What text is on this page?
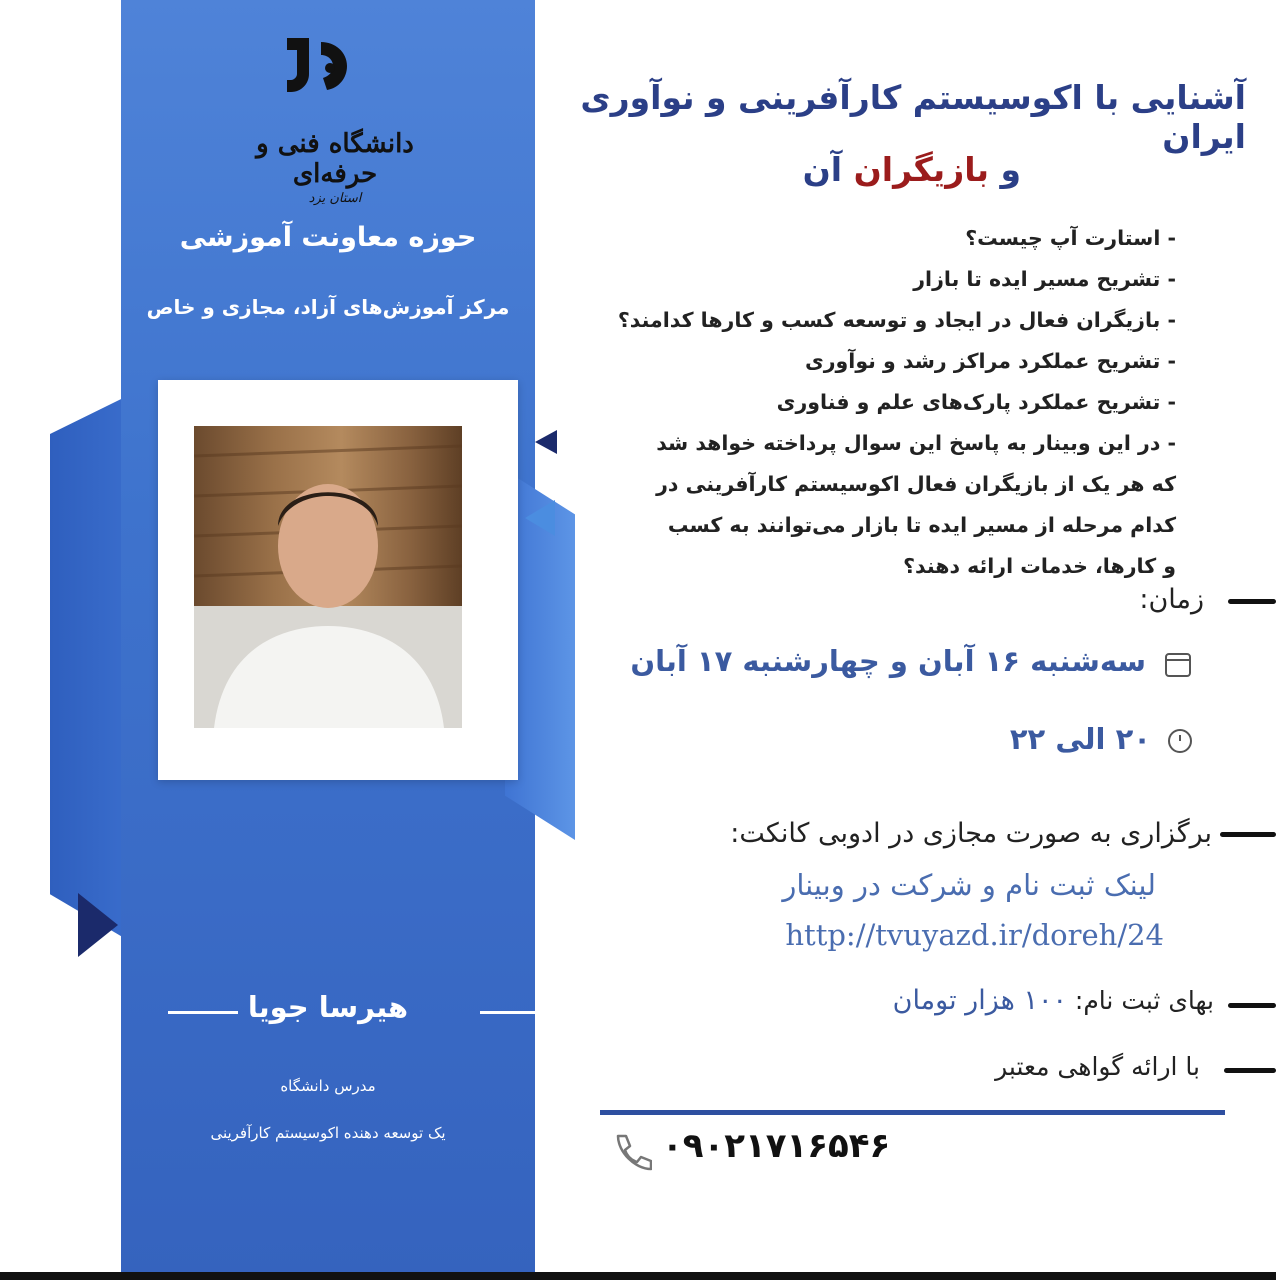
دانشگاه فنی و حرفه‌ای
استان یزد
حوزه معاونت آموزشی
مرکز آموزش‌های آزاد، مجازی و خاص
هیرسا جویا
مدرس دانشگاه
یک توسعه دهنده اکوسیستم کارآفرینی
آشنایی با اکوسیستم کارآفرینی و نوآوری ایران
و بازیگران آن
- استارت آپ چیست؟
- تشریح مسیر ایده تا بازار
- بازیگران فعال در ایجاد و توسعه کسب و کارها کدامند؟
- تشریح عملکرد مراکز رشد و نوآوری
- تشریح عملکرد پارک‌های علم و فناوری
- در این وبینار به پاسخ این سوال پرداخته خواهد شد که هر یک از بازیگران فعال اکوسیستم کارآفرینی در کدام مرحله از مسیر ایده تا بازار می‌توانند به کسب و کارها، خدمات ارائه دهند؟
زمان:
سه‌شنبه ۱۶ آبان و چهارشنبه ۱۷ آبان
۲۰ الی ۲۲
برگزاری به صورت مجازی در ادوبی کانکت:
لینک ثبت نام و شرکت در وبینار
http://tvuyazd.ir/doreh/24
بهای ثبت نام: ۱۰۰ هزار تومان
با ارائه گواهی معتبر
۰۹۰۲۱۷۱۶۵۴۶
